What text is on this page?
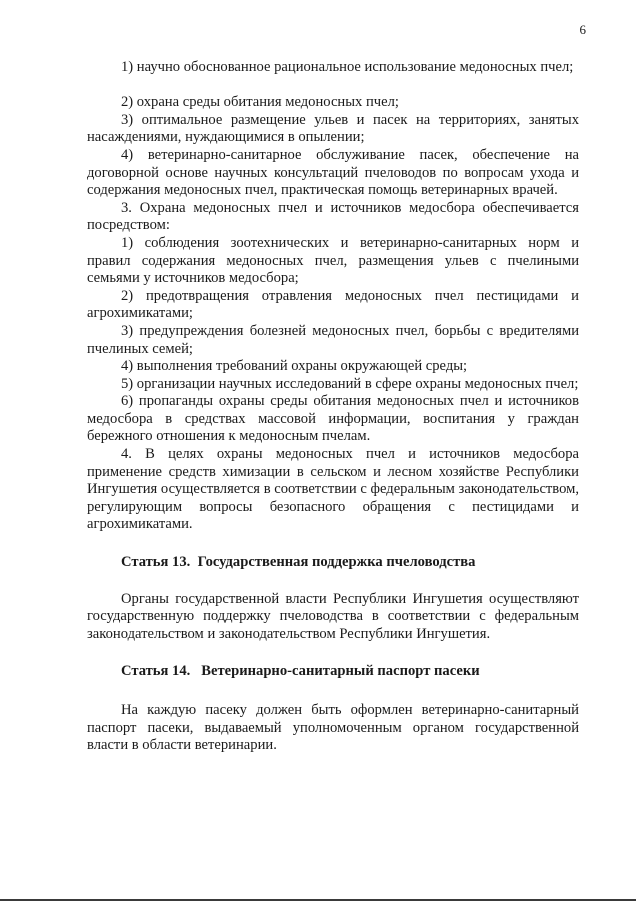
6

1) научно обоснованное рациональное использование медоносных пчел;

2) охрана среды обитания медоносных пчел;

3) оптимальное размещение ульев и пасек на территориях, занятых насаждениями, нуждающимися в опылении;

4) ветеринарно-санитарное обслуживание пасек, обеспечение на договорной основе научных консультаций пчеловодов по вопросам ухода и содержания медоносных пчел, практическая помощь ветеринарных врачей.

3. Охрана медоносных пчел и источников медосбора обеспечивается посредством:

1) соблюдения зоотехнических и ветеринарно-санитарных норм и правил содержания медоносных пчел, размещения ульев с пчелиными семьями у источников медосбора;

2) предотвращения отравления медоносных пчел пестицидами и агрохимикатами;

3) предупреждения болезней медоносных пчел, борьбы с вредителями пчелиных семей;

4) выполнения требований охраны окружающей среды;

5) организации научных исследований в сфере охраны медоносных пчел;

6) пропаганды охраны среды обитания медоносных пчел и источников медосбора в средствах массовой информации, воспитания у граждан бережного отношения к медоносным пчелам.

4. В целях охраны медоносных пчел и источников медосбора применение средств химизации в сельском и лесном хозяйстве Республики Ингушетия осуществляется в соответствии с федеральным законодательством, регулирующим вопросы безопасного обращения с пестицидами и агрохимикатами.

Статья 13.  Государственная поддержка пчеловодства

Органы государственной власти Республики Ингушетия осуществляют государственную поддержку пчеловодства в соответствии с федеральным законодательством и законодательством Республики Ингушетия.

Статья 14.   Ветеринарно-санитарный паспорт пасеки

На каждую пасеку должен быть оформлен ветеринарно-санитарный паспорт пасеки, выдаваемый уполномоченным органом государственной власти в области ветеринарии.
